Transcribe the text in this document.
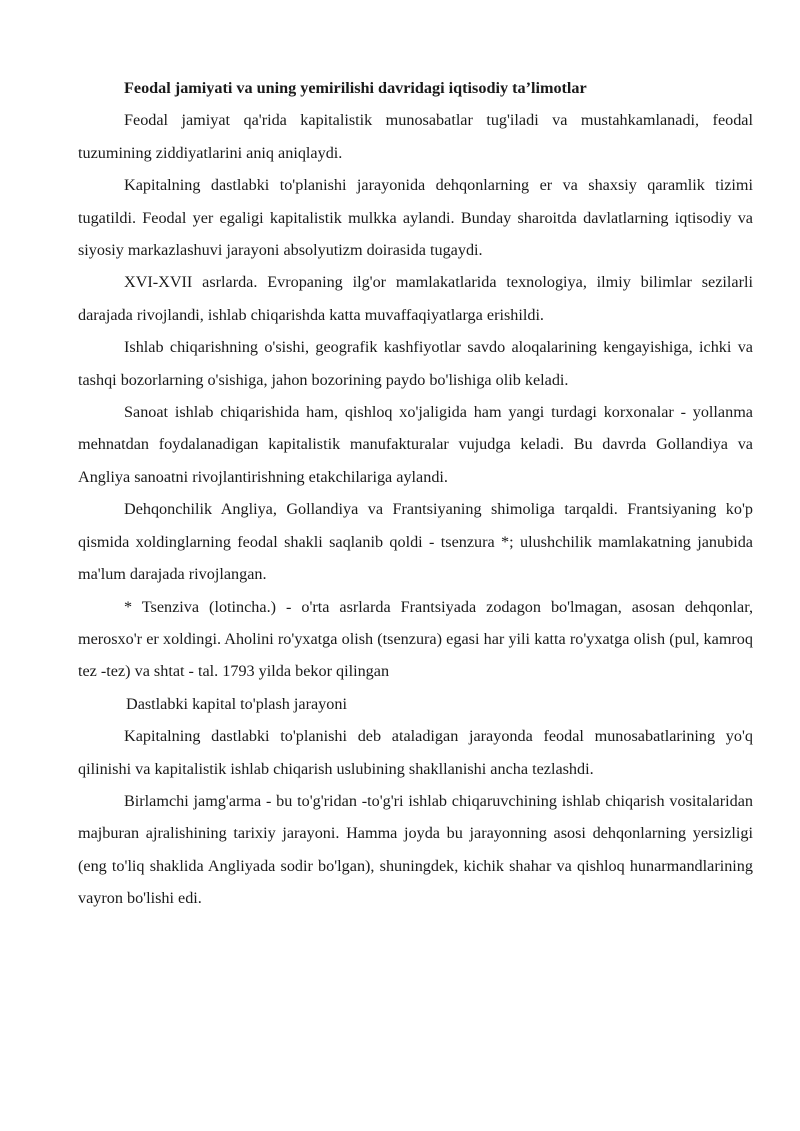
Feodal jamiyati va uning yemirilishi davridagi iqtisodiy ta’limotlar

Feodal jamiyat qa'rida kapitalistik munosabatlar tug'iladi va mustahkamlanadi, feodal tuzumining ziddiyatlarini aniq aniqlaydi.

Kapitalning dastlabki to'planishi jarayonida dehqonlarning er va shaxsiy qaramlik tizimi tugatildi. Feodal yer egaligi kapitalistik mulkka aylandi. Bunday sharoitda davlatlarning iqtisodiy va siyosiy markazlashuvi jarayoni absolyutizm doirasida tugaydi.

XVI-XVII asrlarda. Evropaning ilg'or mamlakatlarida texnologiya, ilmiy bilimlar sezilarli darajada rivojlandi, ishlab chiqarishda katta muvaffaqiyatlarga erishildi.

Ishlab chiqarishning o'sishi, geografik kashfiyotlar savdo aloqalarining kengayishiga, ichki va tashqi bozorlarning o'sishiga, jahon bozorining paydo bo'lishiga olib keladi.

Sanoat ishlab chiqarishida ham, qishloq xo'jaligida ham yangi turdagi korxonalar - yollanma mehnatdan foydalanadigan kapitalistik manufakturalar vujudga keladi. Bu davrda Gollandiya va Angliya sanoatni rivojlantirishning etakchilariga aylandi.

Dehqonchilik Angliya, Gollandiya va Frantsiyaning shimoliga tarqaldi. Frantsiyaning ko'p qismida xoldinglarning feodal shakli saqlanib qoldi - tsenzura *; ulushchilik mamlakatning janubida ma'lum darajada rivojlangan.

* Tsenziva (lotincha.) - o'rta asrlarda Frantsiyada zodagon bo'lmagan, asosan dehqonlar, merosxo'r er xoldingi. Aholini ro'yxatga olish (tsenzura) egasi har yili katta ro'yxatga olish (pul, kamroq tez -tez) va shtat - tal. 1793 yilda bekor qilingan

Dastlabki kapital to'plash jarayoni

Kapitalning dastlabki to'planishi deb ataladigan jarayonda feodal munosabatlarining yo'q qilinishi va kapitalistik ishlab chiqarish uslubining shakllanishi ancha tezlashdi.

Birlamchi jamg'arma - bu to'g'ridan -to'g'ri ishlab chiqaruvchining ishlab chiqarish vositalaridan majburan ajralishining tarixiy jarayoni. Hamma joyda bu jarayonning asosi dehqonlarning yersizligi (eng to'liq shaklida Angliyada sodir bo'lgan), shuningdek, kichik shahar va qishloq hunarmandlarining vayron bo'lishi edi.
